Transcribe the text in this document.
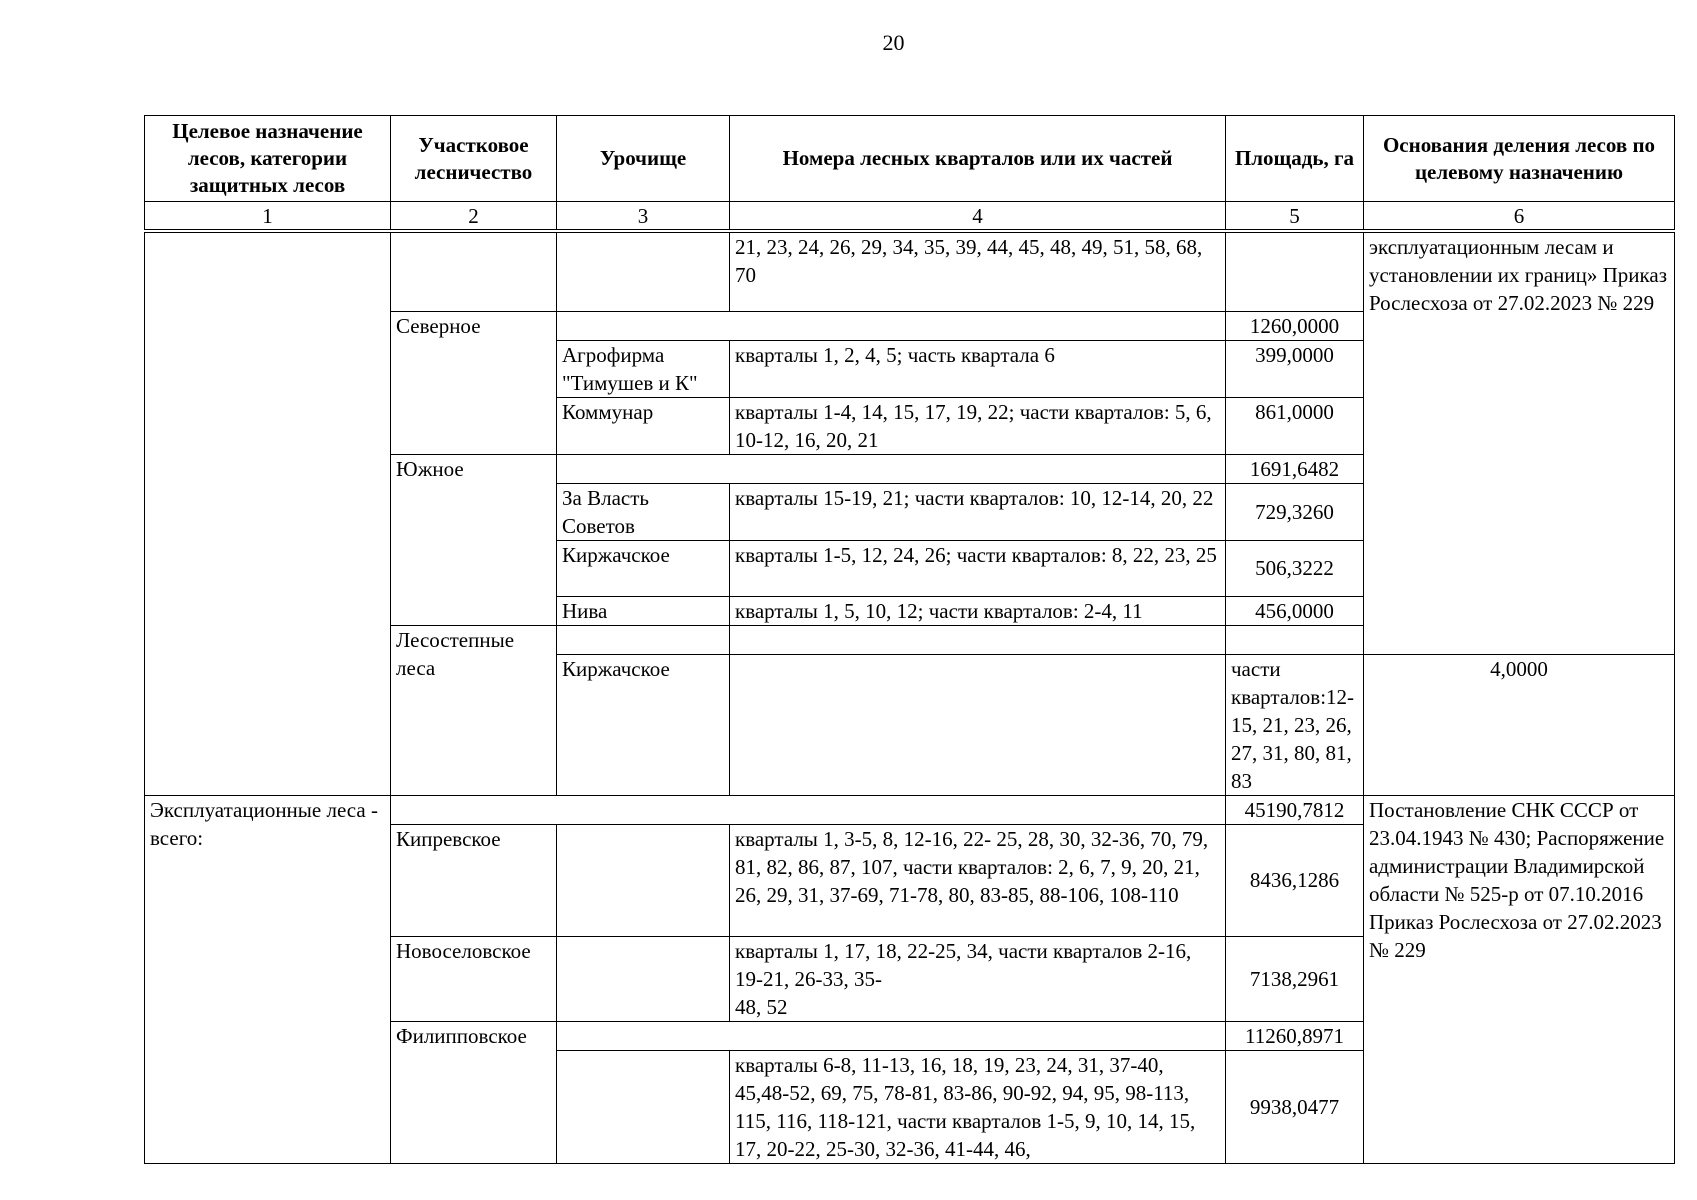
20
Целевое назначение лесов, категории защитных лесов	Участковое лесничество	Урочище	Номера лесных кварталов или их частей	Площадь, га	Основания деления лесов по целевому назначению	
1	2	3	4	5	6	
			21, 23, 24, 26, 29, 34, 35, 39, 44, 45, 48, 49, 51, 58, 68, 70		эксплуатационным лесам и установлении их границ» Приказ Рослесхоза от 27.02.2023 № 229	
	Северное			1260,0000		
		Агрофирма "Тимушев и К"	кварталы 1, 2, 4, 5; часть квартала 6	399,0000		
		Коммунар	кварталы 1-4, 14, 15, 17, 19, 22; части кварталов: 5, 6, 10-12, 16, 20, 21	861,0000		
	Южное			1691,6482		
		За Власть Советов	кварталы 15-19, 21; части кварталов: 10, 12-14, 20, 22	729,3260		
		Киржачское	кварталы 1-5, 12, 24, 26; части кварталов: 8, 22, 23, 25	506,3222		
		Нива	кварталы 1, 5, 10, 12; части кварталов: 2-4, 11	456,0000		
	Лесостепные леса					
		Киржачское		части кварталов:12-15, 21, 23, 26, 27, 31, 80, 81, 83	4,0000	
Эксплуатационные леса - всего:				45190,7812	Постановление СНК СССР от 23.04.1943 № 430; Распоряжение администрации Владимирской области № 525-р от 07.10.2016 Приказ Рослесхоза от 27.02.2023 № 229	
	Кипревское		кварталы 1, 3-5, 8, 12-16, 22- 25, 28, 30, 32-36, 70, 79, 81, 82, 86, 87, 107, части кварталов: 2, 6, 7, 9, 20, 21, 26, 29, 31, 37-69, 71-78, 80, 83-85, 88-106, 108-110	8436,1286		
	Новоселовское		кварталы 1, 17, 18, 22-25, 34, части кварталов 2-16, 19-21, 26-33, 35-
48, 52	7138,2961		
	Филипповское			11260,8971		
			кварталы 6-8, 11-13, 16, 18, 19, 23, 24, 31, 37-40, 45,48-52, 69, 75, 78-81, 83-86, 90-92, 94, 95, 98-113, 115, 116, 118-121, части кварталов 1-5, 9, 10, 14, 15, 17, 20-22, 25-30, 32-36, 41-44, 46,	9938,0477		
